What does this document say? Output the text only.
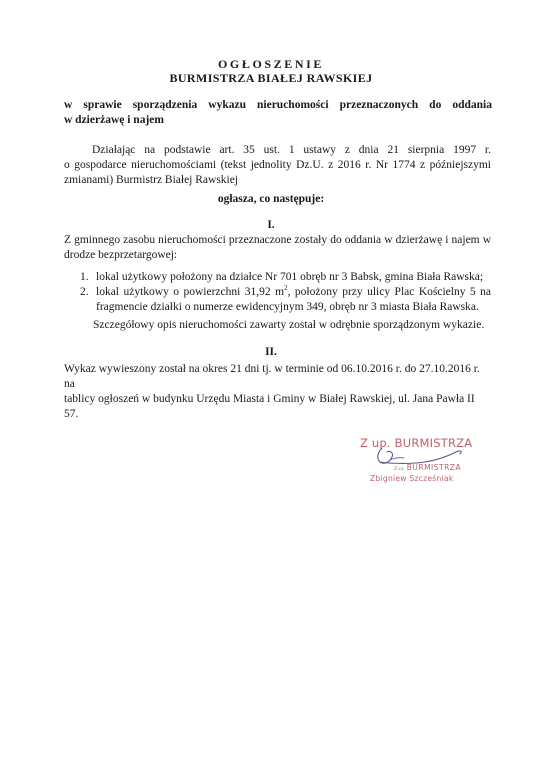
OGŁOSZENIE
BURMISTRZA BIAŁEJ RAWSKIEJ
w sprawie sporządzenia wykazu nieruchomości przeznaczonych do oddania
w dzierżawę i najem
Działając na podstawie art. 35 ust. 1 ustawy z dnia 21 sierpnia 1997 r.
o gospodarce nieruchomościami (tekst jednolity Dz.U. z 2016 r. Nr 1774 z późniejszymi
zmianami) Burmistrz Białej Rawskiej
ogłasza, co następuje:
I.
Z gminnego zasobu nieruchomości przeznaczone zostały do oddania w dzierżawę i najem w
drodze bezprzetargowej:
1. lokal użytkowy położony na działce Nr 701 obręb nr 3 Babsk, gmina Biała Rawska;
2. lokal użytkowy o powierzchni 31,92 $m^2$, położony przy ulicy Plac Kościelny 5 na
fragmencie działki o numerze ewidencyjnym 349, obręb nr 3 miasta Biała Rawska.
Szczegółowy opis nieruchomości zawarty został w odrębnie sporządzonym wykazie.
II.
Wykaz wywieszony został na okres 21 dni tj. w terminie od 06.10.2016 r. do 27.10.2016 r. na
tablicy ogłoszeń w budynku Urzędu Miasta i Gminy w Białej Rawskiej, ul. Jana Pawła II 57.
Z up. BURMISTRZA
Z-ca BURMISTRZA
Zbigniew Szcześniak
